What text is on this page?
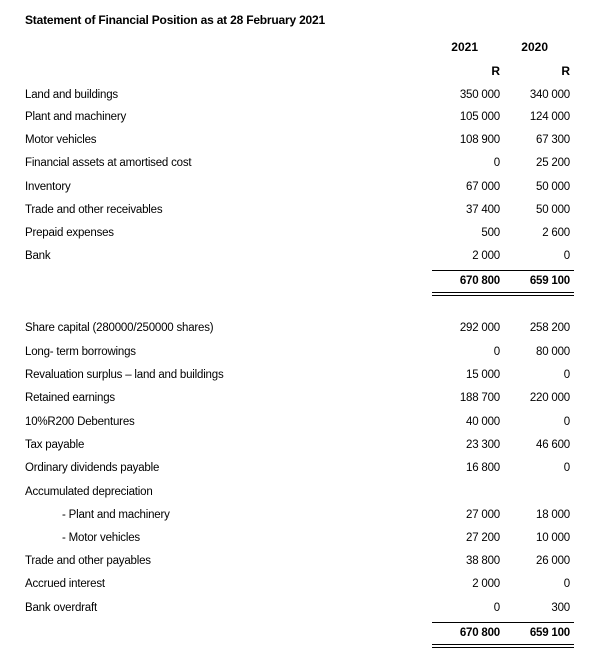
Statement of Financial Position as at 28 February 2021
2021	2020
R	R
Land and buildings	350 000	340 000
Plant and machinery	105 000	124 000
Motor vehicles	108 900	67 300
Financial assets at amortised cost	0	25 200
Inventory	67 000	50 000
Trade and other receivables	37 400	50 000
Prepaid expenses	500	2 600
Bank	2 000	0
670 800	659 100
Share capital (280000/250000 shares)	292 000	258 200
Long- term borrowings	0	80 000
Revaluation surplus – land and buildings	15 000	0
Retained earnings	188 700	220 000
10%R200 Debentures	40 000	0
Tax payable	23 300	46 600
Ordinary dividends payable	16 800	0
Accumulated depreciation
- Plant and machinery	27 000	18 000
- Motor vehicles	27 200	10 000
Trade and other payables	38 800	26 000
Accrued interest	2 000	0
Bank overdraft	0	300
670 800	659 100
